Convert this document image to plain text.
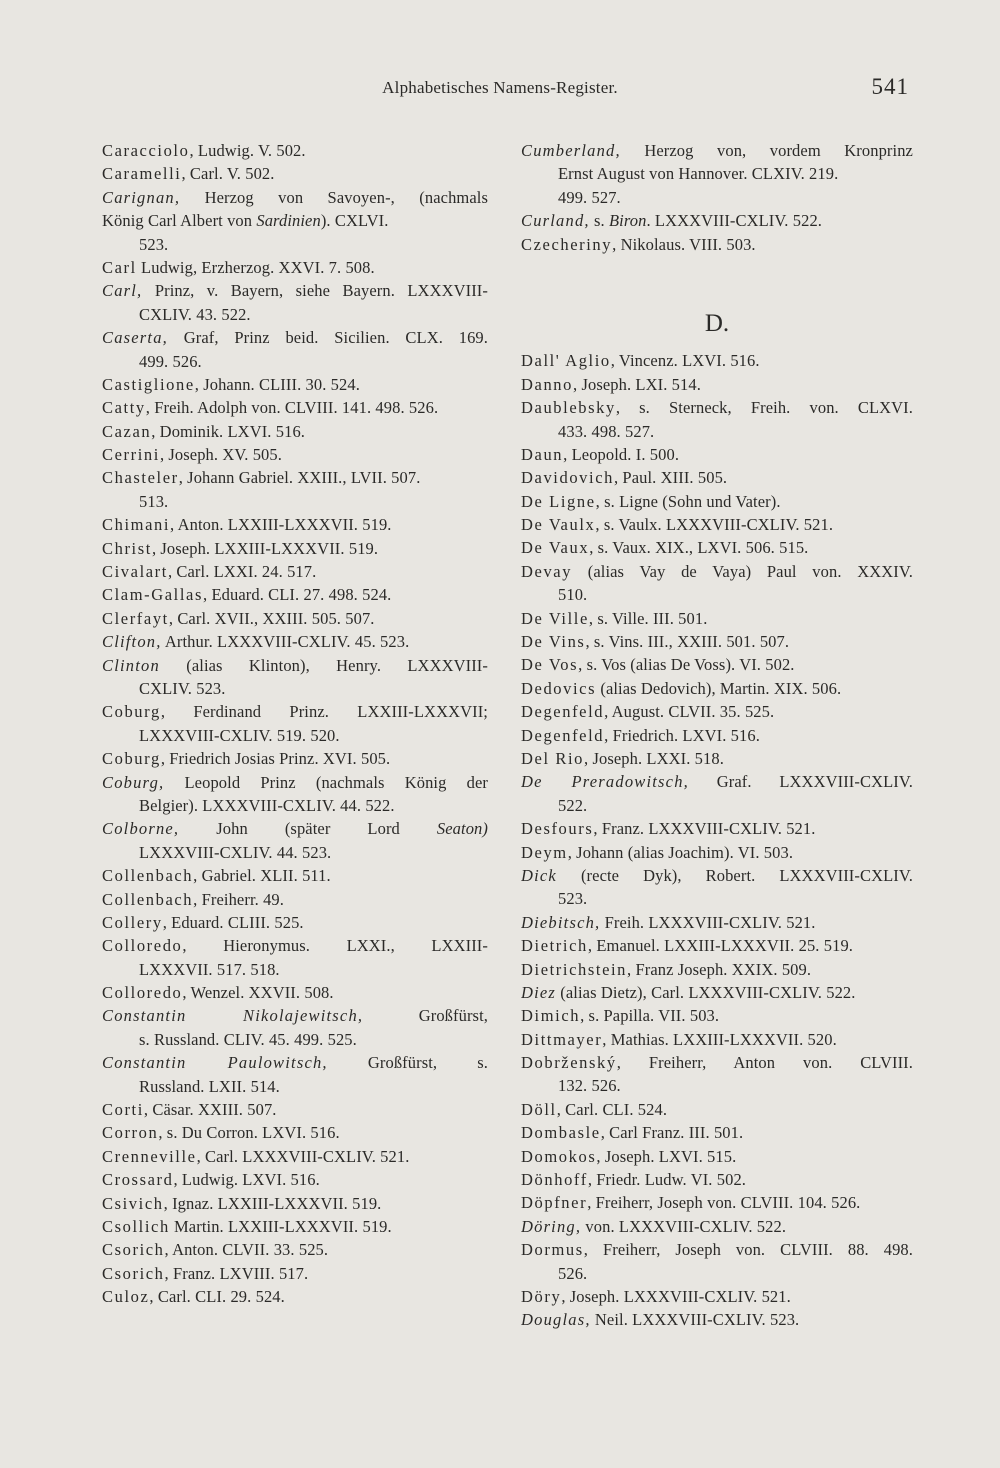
Alphabetisches Namens-Register.	541
Caracciolo, Ludwig. V. 502.
Caramelli, Carl. V. 502.
Carignan, Herzog von Savoyen-, (nachmals
König Carl Albert von Sardinien). CXLVI.
523.
Carl Ludwig, Erzherzog. XXVI. 7. 508.
Carl, Prinz, v. Bayern, siehe Bayern. LXXXVIII-
CXLIV. 43. 522.
Caserta, Graf, Prinz beid. Sicilien. CLX. 169.
499. 526.
Castiglione, Johann. CLIII. 30. 524.
Catty, Freih. Adolph von. CLVIII. 141. 498. 526.
Cazan, Dominik. LXVI. 516.
Cerrini, Joseph. XV. 505.
Chasteler, Johann Gabriel. XXIII., LVII. 507.
513.
Chimani, Anton. LXXIII-LXXXVII. 519.
Christ, Joseph. LXXIII-LXXXVII. 519.
Civalart, Carl. LXXI. 24. 517.
Clam-Gallas, Eduard. CLI. 27. 498. 524.
Clerfayt, Carl. XVII., XXIII. 505. 507.
Clifton, Arthur. LXXXVIII-CXLIV. 45. 523.
Clinton (alias Klinton), Henry. LXXXVIII-
CXLIV. 523.
Coburg, Ferdinand Prinz. LXXIII-LXXXVII;
LXXXVIII-CXLIV. 519. 520.
Coburg, Friedrich Josias Prinz. XVI. 505.
Coburg, Leopold Prinz (nachmals König der
Belgier). LXXXVIII-CXLIV. 44. 522.
Colborne, John (später Lord Seaton)
LXXXVIII-CXLIV. 44. 523.
Collenbach, Gabriel. XLII. 511.
Collenbach, Freiherr. 49.
Collery, Eduard. CLIII. 525.
Colloredo, Hieronymus. LXXI., LXXIII-
LXXXVII. 517. 518.
Colloredo, Wenzel. XXVII. 508.
Constantin Nikolajewitsch, Großfürst,
s. Russland. CLIV. 45. 499. 525.
Constantin Paulowitsch, Großfürst, s.
Russland. LXII. 514.
Corti, Cäsar. XXIII. 507.
Corron, s. Du Corron. LXVI. 516.
Crenneville, Carl. LXXXVIII-CXLIV. 521.
Crossard, Ludwig. LXVI. 516.
Csivich, Ignaz. LXXIII-LXXXVII. 519.
Csollich Martin. LXXIII-LXXXVII. 519.
Csorich, Anton. CLVII. 33. 525.
Csorich, Franz. LXVIII. 517.
Culoz, Carl. CLI. 29. 524.
Cumberland, Herzog von, vordem Kronprinz
Ernst August von Hannover. CLXIV. 219.
499. 527.
Curland, s. Biron. LXXXVIII-CXLIV. 522.
Czecheriny, Nikolaus. VIII. 503.
D.
Dall' Aglio, Vincenz. LXVI. 516.
Danno, Joseph. LXI. 514.
Daublebsky, s. Sterneck, Freih. von. CLXVI.
433. 498. 527.
Daun, Leopold. I. 500.
Davidovich, Paul. XIII. 505.
De Ligne, s. Ligne (Sohn und Vater).
De Vaulx, s. Vaulx. LXXXVIII-CXLIV. 521.
De Vaux, s. Vaux. XIX., LXVI. 506. 515.
Devay (alias Vay de Vaya) Paul von. XXXIV.
510.
De Ville, s. Ville. III. 501.
De Vins, s. Vins. III., XXIII. 501. 507.
De Vos, s. Vos (alias De Voss). VI. 502.
Dedovics (alias Dedovich), Martin. XIX. 506.
Degenfeld, August. CLVII. 35. 525.
Degenfeld, Friedrich. LXVI. 516.
Del Rio, Joseph. LXXI. 518.
De Preradowitsch, Graf. LXXXVIII-CXLIV.
522.
Desfours, Franz. LXXXVIII-CXLIV. 521.
Deym, Johann (alias Joachim). VI. 503.
Dick (recte Dyk), Robert. LXXXVIII-CXLIV.
523.
Diebitsch, Freih. LXXXVIII-CXLIV. 521.
Dietrich, Emanuel. LXXIII-LXXXVII. 25. 519.
Dietrichstein, Franz Joseph. XXIX. 509.
Diez (alias Dietz), Carl. LXXXVIII-CXLIV. 522.
Dimich, s. Papilla. VII. 503.
Dittmayer, Mathias. LXXIII-LXXXVII. 520.
Dobrženský, Freiherr, Anton von. CLVIII.
132. 526.
Döll, Carl. CLI. 524.
Dombasle, Carl Franz. III. 501.
Domokos, Joseph. LXVI. 515.
Dönhoff, Friedr. Ludw. VI. 502.
Döpfner, Freiherr, Joseph von. CLVIII. 104. 526.
Döring, von. LXXXVIII-CXLIV. 522.
Dormus, Freiherr, Joseph von. CLVIII. 88. 498.
526.
Döry, Joseph. LXXXVIII-CXLIV. 521.
Douglas, Neil. LXXXVIII-CXLIV. 523.
